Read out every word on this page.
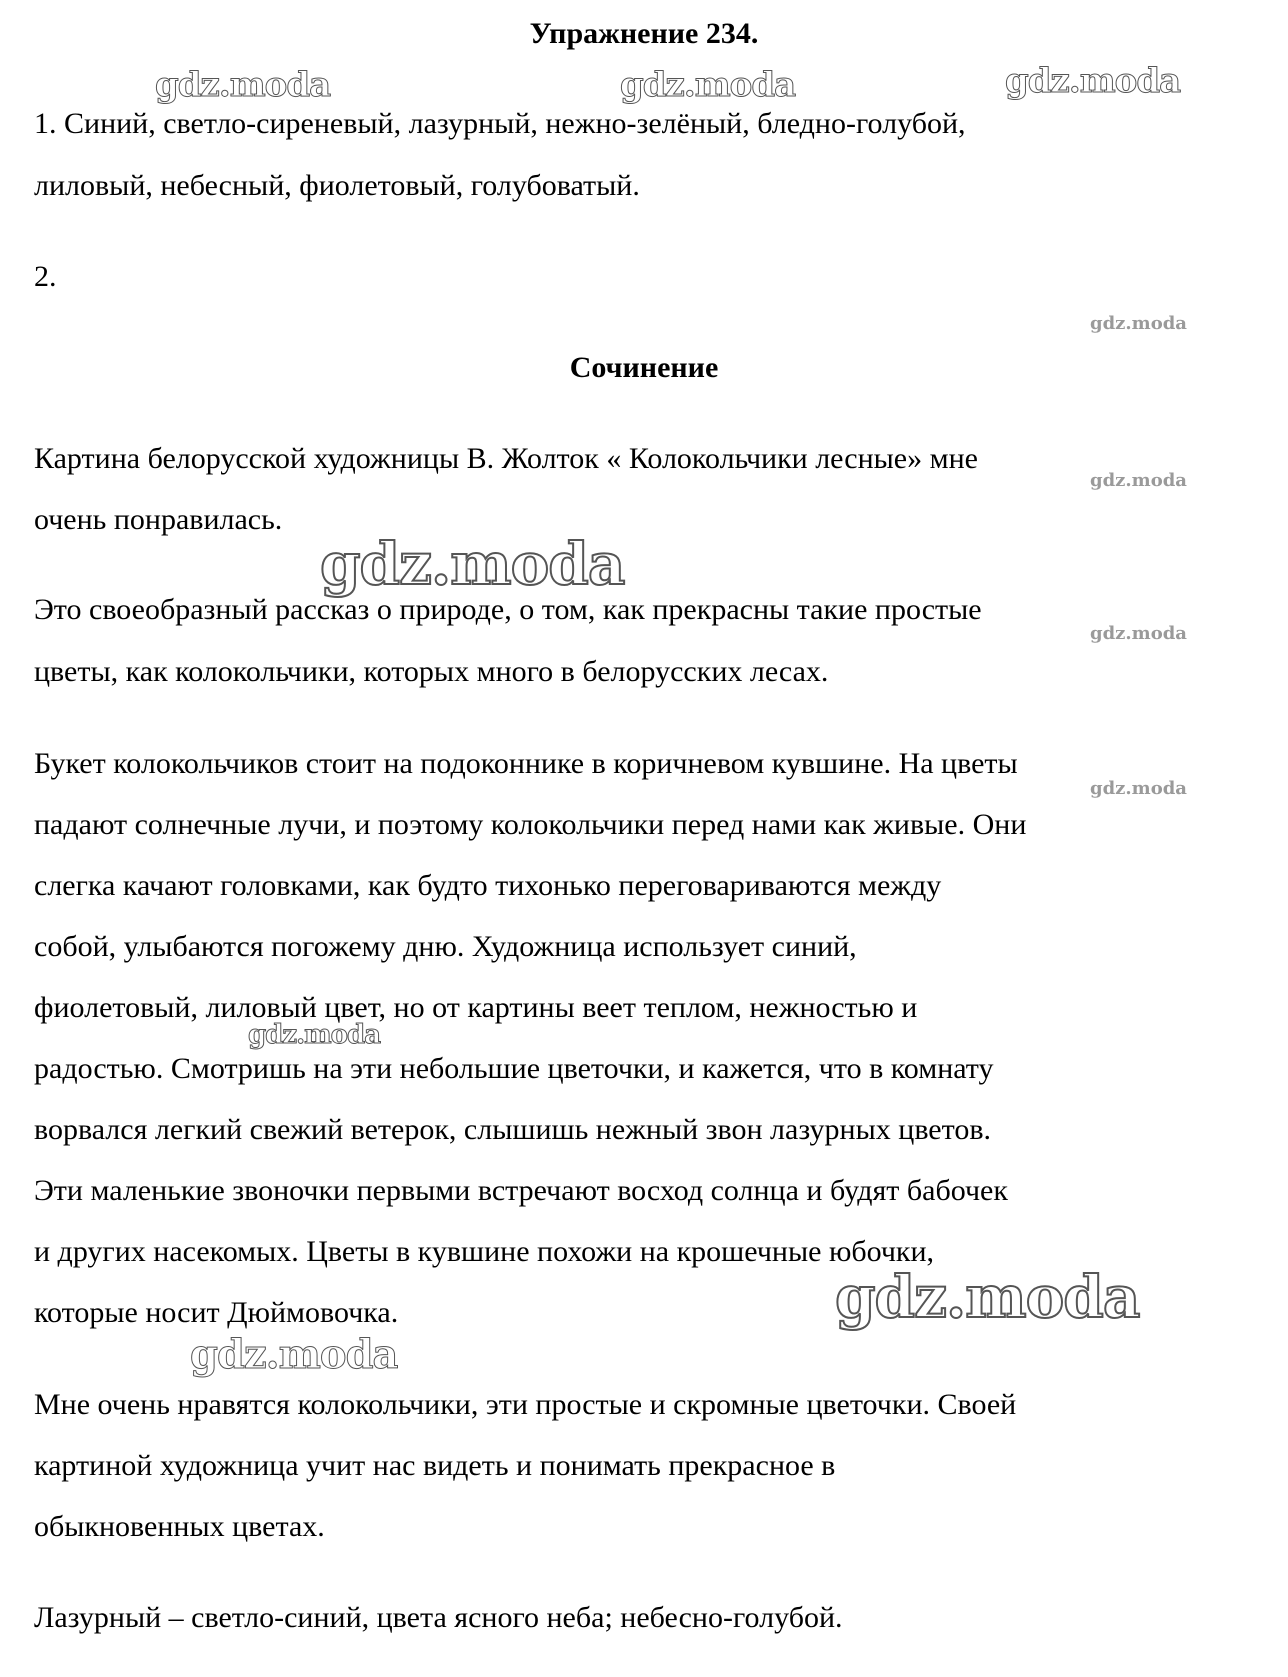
Упражнение 234.
gdz.moda	gdz.moda	gdz.moda
gdz.moda
gdz.moda
gdz.moda
gdz.moda
gdz.moda
gdz.moda
gdz.moda
gdz.moda

1. Синий, светло-сиреневый, лазурный, нежно-зелёный, бледно-голубой,

лиловый, небесный, фиолетовый, голубоватый.

2.

Сочинение

Картина белорусской художницы В. Жолток « Колокольчики лесные» мне

очень понравилась.

Это своеобразный рассказ о природе, о том, как прекрасны такие простые

цветы, как колокольчики, которых много в белорусских лесах.

Букет колокольчиков стоит на подоконнике в коричневом кувшине. На цветы

падают солнечные лучи, и поэтому колокольчики перед нами как живые. Они

слегка качают головками, как будто тихонько переговариваются между

собой, улыбаются погожему дню. Художница использует синий,

фиолетовый, лиловый цвет, но от картины веет теплом, нежностью и

радостью. Смотришь на эти небольшие цветочки, и кажется, что в комнату

ворвался легкий свежий ветерок, слышишь нежный звон лазурных цветов.

Эти маленькие звоночки первыми встречают восход солнца и будят бабочек

и других насекомых. Цветы в кувшине похожи на крошечные юбочки,

которые носит Дюймовочка.

Мне очень нравятся колокольчики, эти простые и скромные цветочки. Своей

картиной художница учит нас видеть и понимать прекрасное в

обыкновенных цветах.

Лазурный – светло-синий, цвета ясного неба; небесно-голубой.
